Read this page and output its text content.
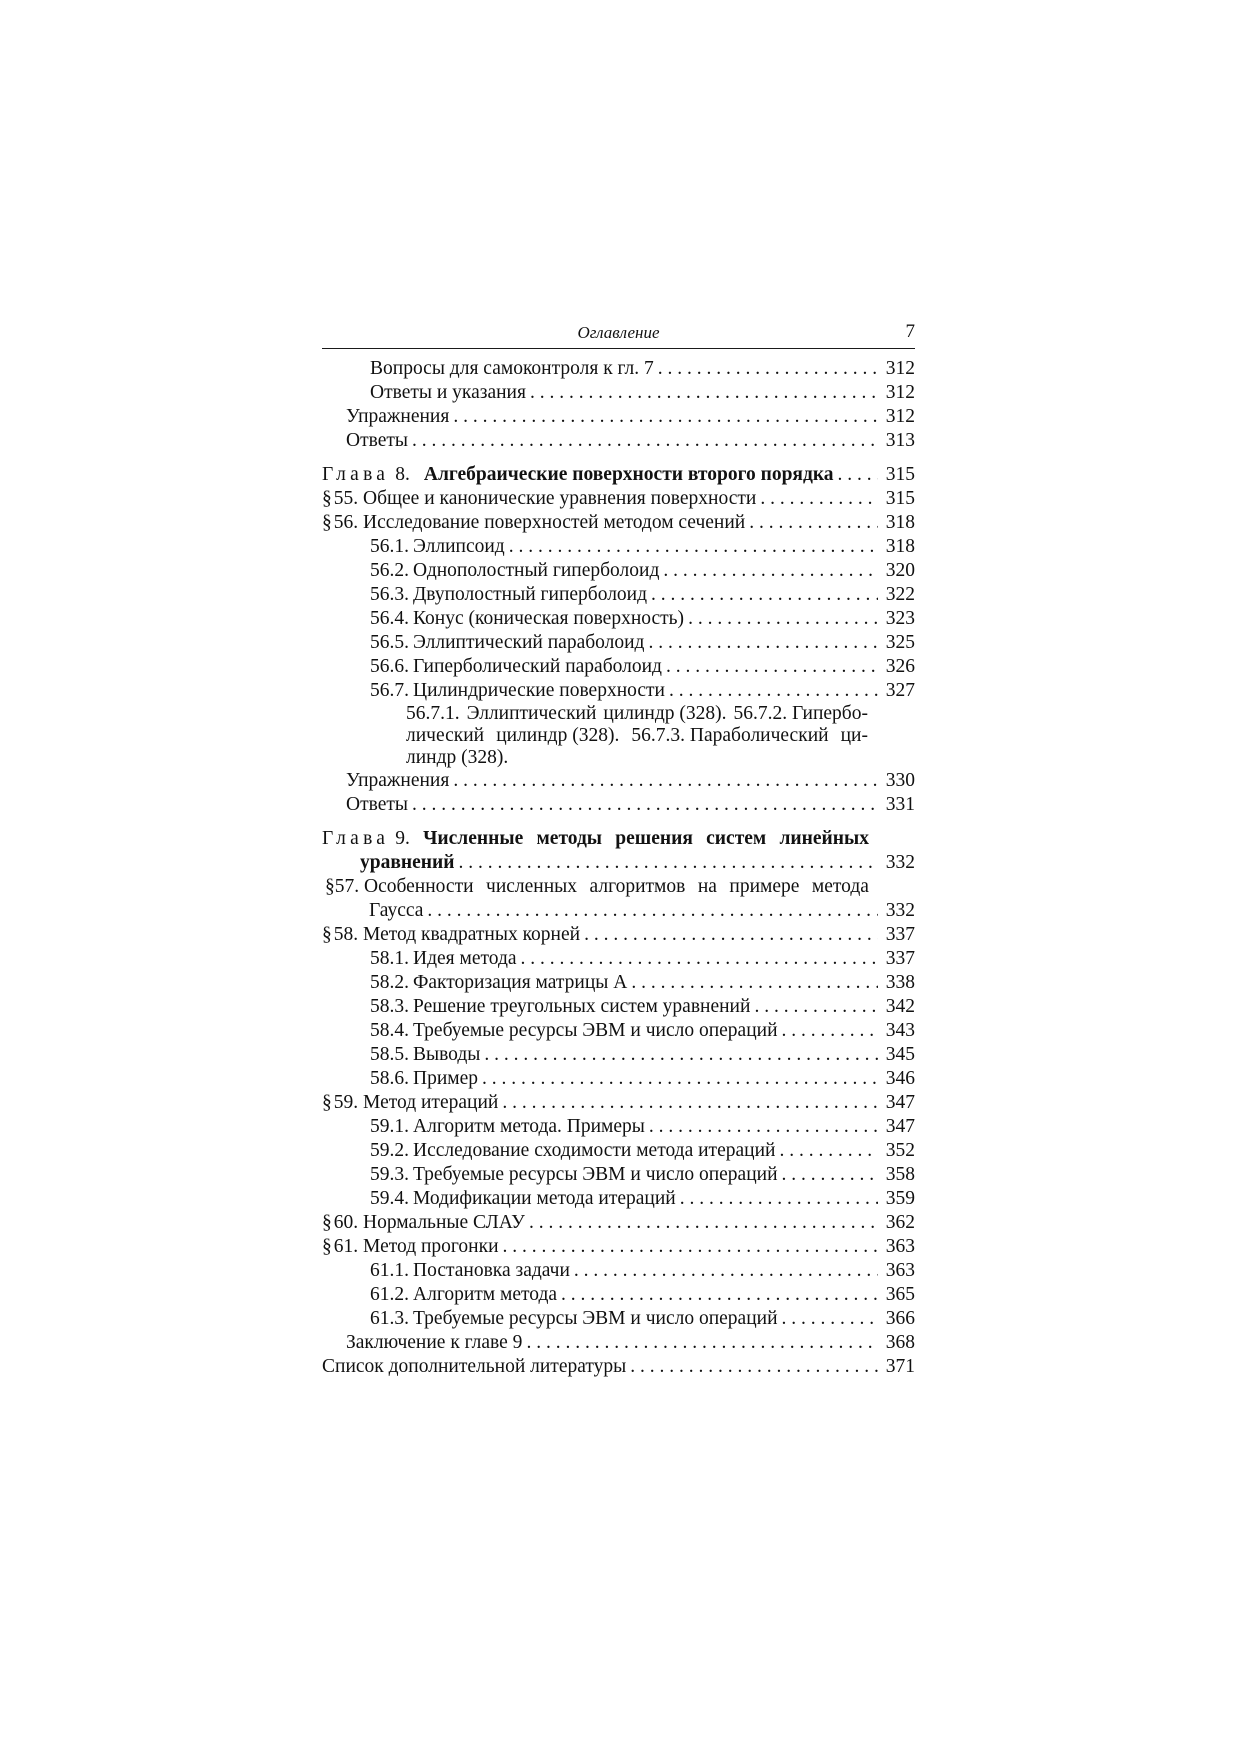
Оглавление	7
Вопросы для самоконтроля к гл. 7 . . .	312
Ответы и указания . . .	312
Упражнения . . .	312
Ответы . . .	313
Глава 8. Алгебраические поверхности второго порядка . . .	315
§ 55. Общее и канонические уравнения поверхности . . .	315
§ 56. Исследование поверхностей методом сечений . . .	318
56.1. Эллипсоид . . .	318
56.2. Однополостный гиперболоид . . .	320
56.3. Двуполостный гиперболоид . . .	322
56.4. Конус (коническая поверхность) . . .	323
56.5. Эллиптический параболоид . . .	325
56.6. Гиперболический параболоид . . .	326
56.7. Цилиндрические поверхности . . .	327
56.7.1. Эллиптический цилиндр (328). 56.7.2. Гипербо-
лический цилиндр (328). 56.7.3. Параболический ци-
линдр (328).
Упражнения . . .	330
Ответы . . .	331
Глава 9. Численные методы решения систем линейных
уравнений . . .	332
§57. Особенности численных алгоритмов на примере метода
Гаусса . . .	332
§ 58. Метод квадратных корней . . .	337
58.1. Идея метода . . .	337
58.2. Факторизация матрицы A . . .	338
58.3. Решение треугольных систем уравнений . . .	342
58.4. Требуемые ресурсы ЭВМ и число операций . . .	343
58.5. Выводы . . .	345
58.6. Пример . . .	346
§ 59. Метод итераций . . .	347
59.1. Алгоритм метода. Примеры . . .	347
59.2. Исследование сходимости метода итераций . . .	352
59.3. Требуемые ресурсы ЭВМ и число операций . . .	358
59.4. Модификации метода итераций . . .	359
§ 60. Нормальные СЛАУ . . .	362
§ 61. Метод прогонки . . .	363
61.1. Постановка задачи . . .	363
61.2. Алгоритм метода . . .	365
61.3. Требуемые ресурсы ЭВМ и число операций . . .	366
Заключение к главе 9 . . .	368
Список дополнительной литературы . . .	371
